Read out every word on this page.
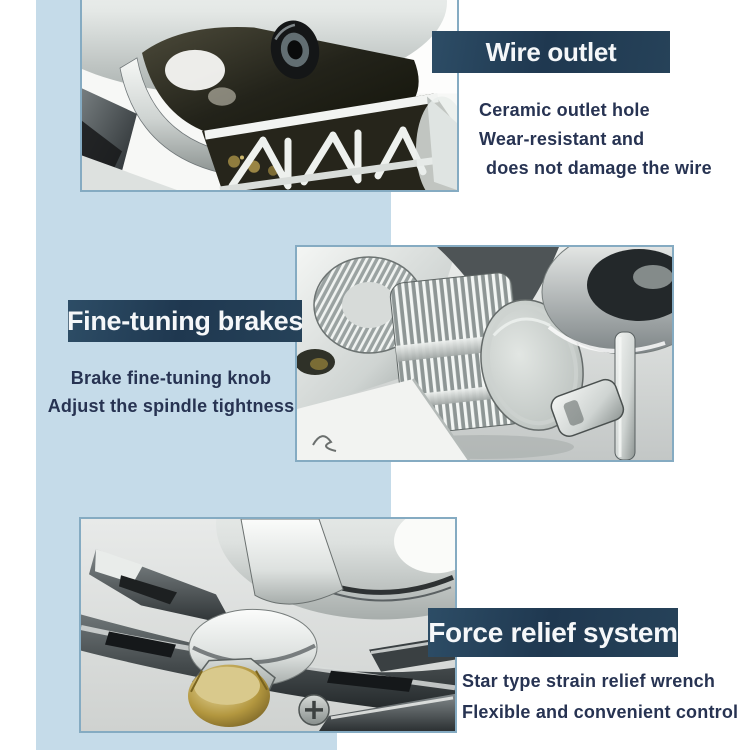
Wire outlet
Fine-tuning brakes
Force relief system
Ceramic outlet hole
Wear-resistant and
does not damage the wire
Brake fine-tuning knob
Adjust the spindle tightness
Star type strain relief wrench
Flexible and convenient control
